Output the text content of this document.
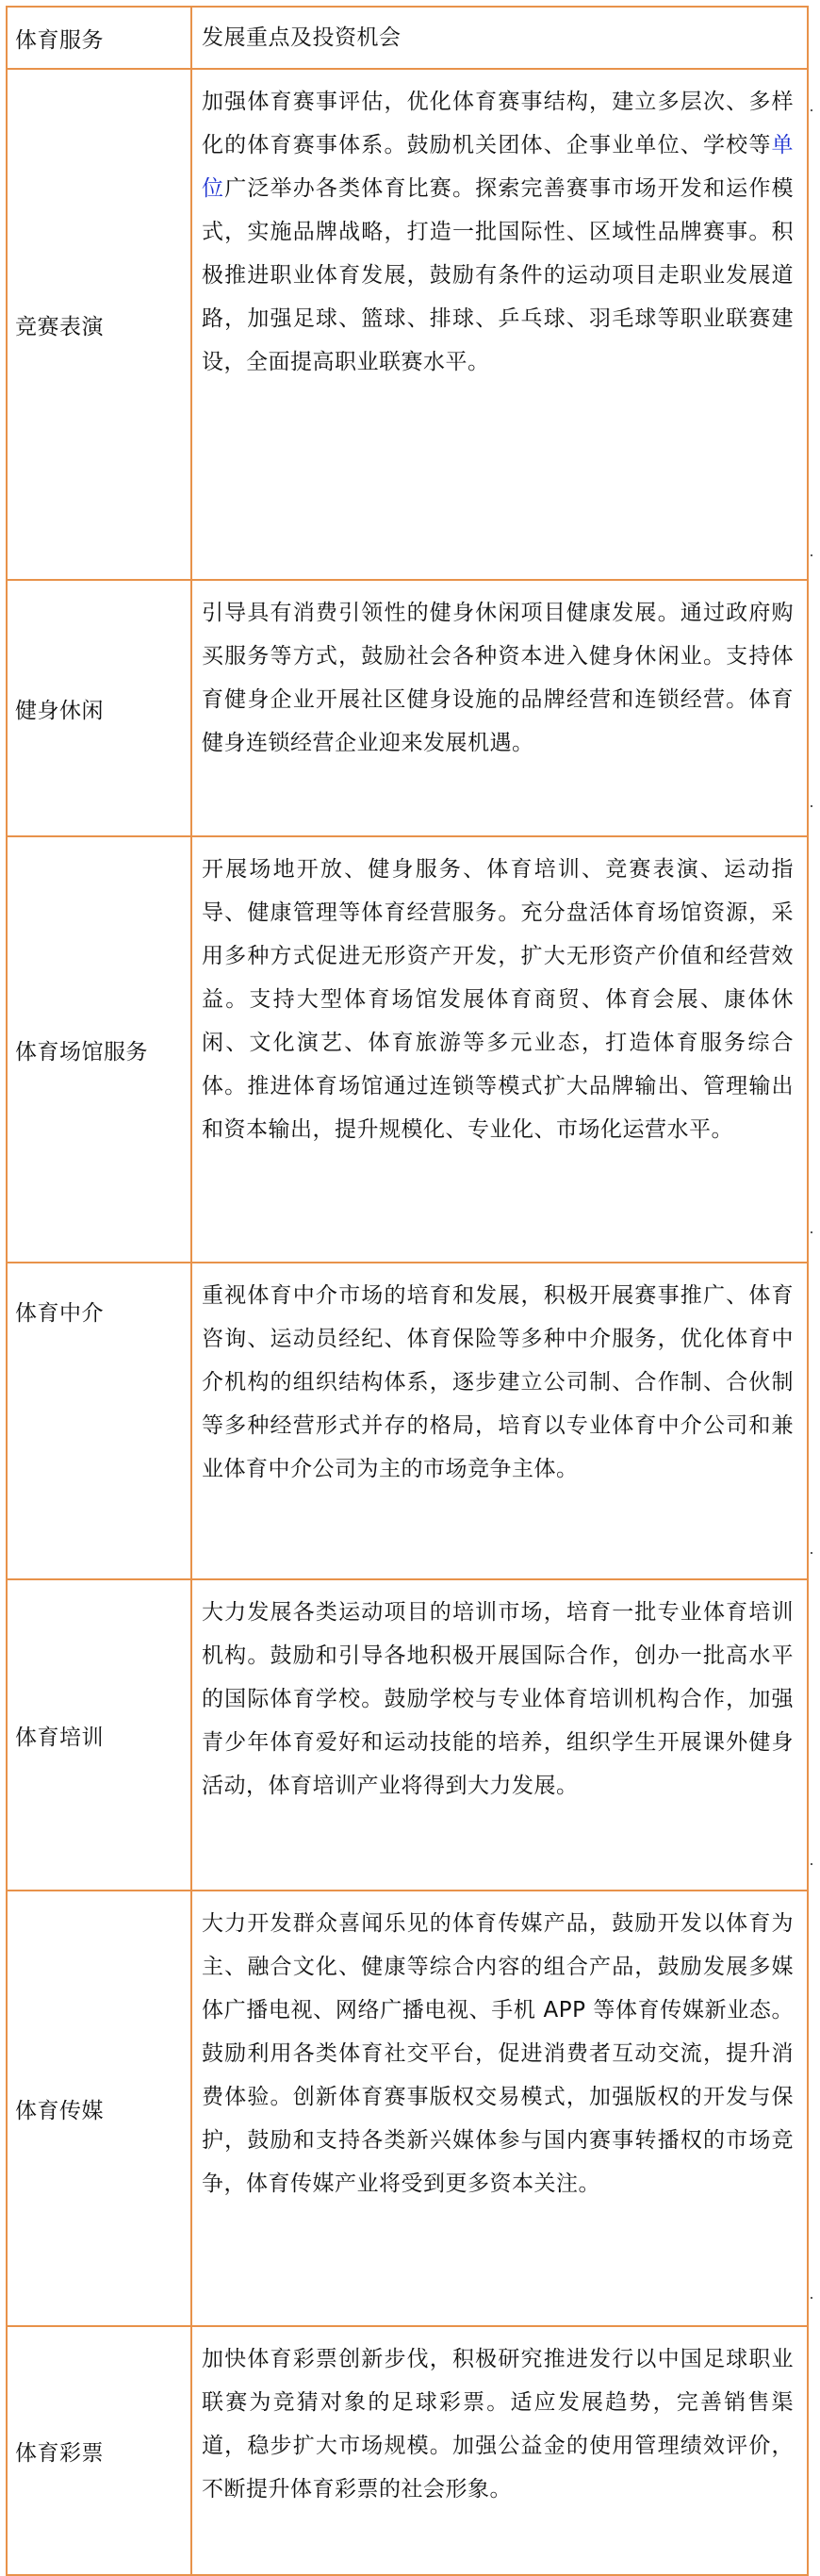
体育服务	发展重点及投资机会
竞赛表演	加强体育赛事评估，优化体育赛事结构，建立多层次、多样化的体育赛事体系。鼓励机关团体、企事业单位、学校等单位广泛举办各类体育比赛。探索完善赛事市场开发和运作模式，实施品牌战略，打造一批国际性、区域性品牌赛事。积极推进职业体育发展，鼓励有条件的运动项目走职业发展道路，加强足球、篮球、排球、乒乓球、羽毛球等职业联赛建设，全面提高职业联赛水平。
健身休闲	引导具有消费引领性的健身休闲项目健康发展。通过政府购买服务等方式，鼓励社会各种资本进入健身休闲业。支持体育健身企业开展社区健身设施的品牌经营和连锁经营。体育健身连锁经营企业迎来发展机遇。
体育场馆服务	开展场地开放、健身服务、体育培训、竞赛表演、运动指导、健康管理等体育经营服务。充分盘活体育场馆资源，采用多种方式促进无形资产开发，扩大无形资产价值和经营效益。支持大型体育场馆发展体育商贸、体育会展、康体休闲、文化演艺、体育旅游等多元业态，打造体育服务综合体。推进体育场馆通过连锁等模式扩大品牌输出、管理输出和资本输出，提升规模化、专业化、市场化运营水平。
体育中介	重视体育中介市场的培育和发展，积极开展赛事推广、体育咨询、运动员经纪、体育保险等多种中介服务，优化体育中介机构的组织结构体系，逐步建立公司制、合作制、合伙制等多种经营形式并存的格局，培育以专业体育中介公司和兼业体育中介公司为主的市场竞争主体。
体育培训	大力发展各类运动项目的培训市场，培育一批专业体育培训机构。鼓励和引导各地积极开展国际合作，创办一批高水平的国际体育学校。鼓励学校与专业体育培训机构合作，加强青少年体育爱好和运动技能的培养，组织学生开展课外健身活动，体育培训产业将得到大力发展。
体育传媒	大力开发群众喜闻乐见的体育传媒产品，鼓励开发以体育为主、融合文化、健康等综合内容的组合产品，鼓励发展多媒体广播电视、网络广播电视、手机 APP 等体育传媒新业态。鼓励利用各类体育社交平台，促进消费者互动交流，提升消费体验。创新体育赛事版权交易模式，加强版权的开发与保护，鼓励和支持各类新兴媒体参与国内赛事转播权的市场竞争，体育传媒产业将受到更多资本关注。
体育彩票	加快体育彩票创新步伐，积极研究推进发行以中国足球职业联赛为竞猜对象的足球彩票。适应发展趋势，完善销售渠道，稳步扩大市场规模。加强公益金的使用管理绩效评价，不断提升体育彩票的社会形象。
